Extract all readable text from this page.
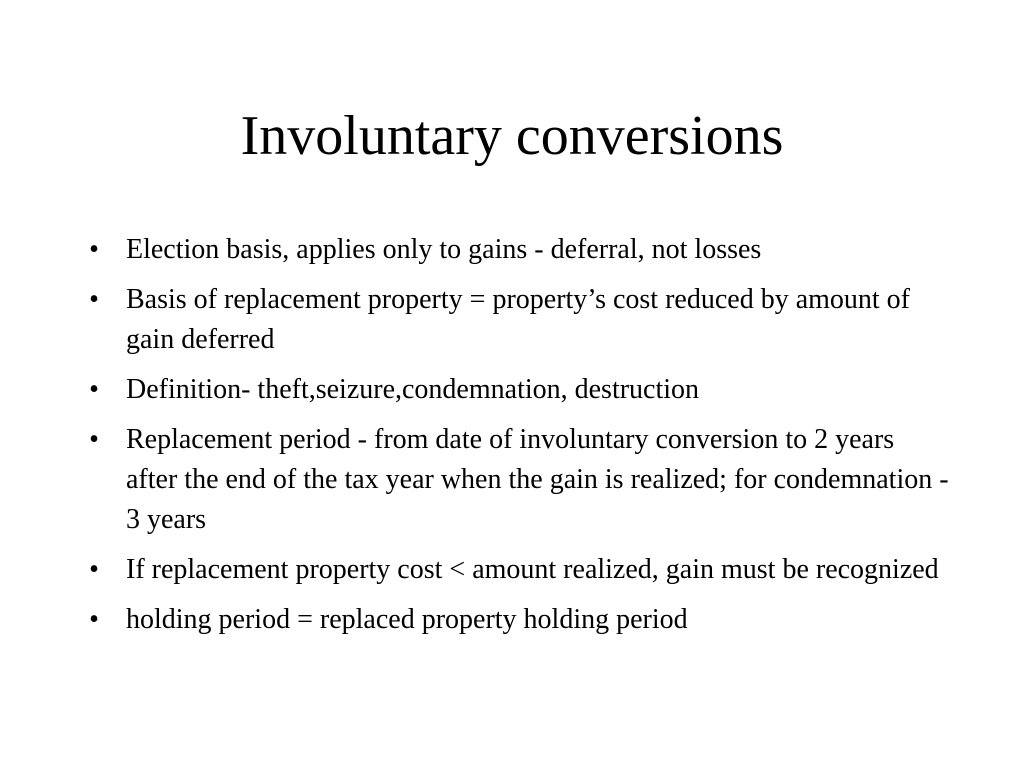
Involuntary conversions
• Election basis, applies only to gains - deferral, not losses
• Basis of replacement property = property’s cost reduced by amount of gain deferred
• Definition- theft,seizure,condemnation, destruction
• Replacement period - from date of involuntary conversion to 2 years after the end of the tax year when the gain is realized; for condemnation - 3 years
• If replacement property cost < amount realized, gain must be recognized
• holding period = replaced property holding period
